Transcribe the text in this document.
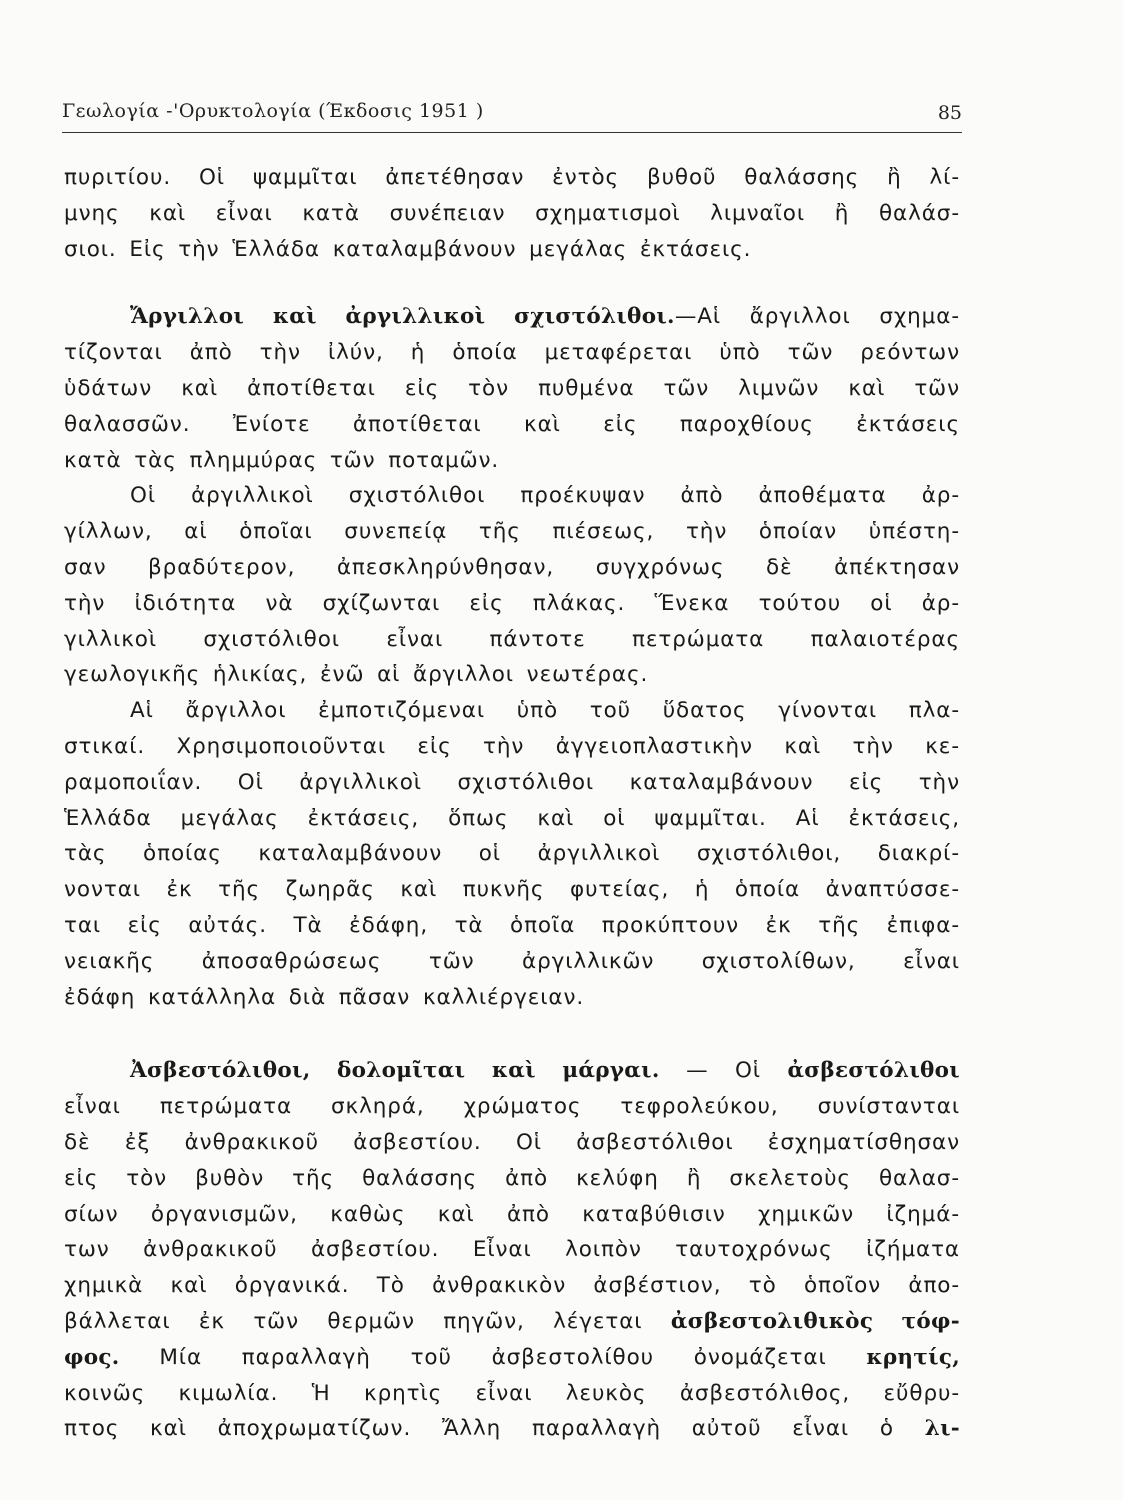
Γεωλογία -'Ορυκτολογία (Έκδοσις 1951 )	85
πυριτίου. Οἱ ψαμμῖται ἀπετέθησαν ἐντὸς βυθοῦ θαλάσσης ἢ λί-
μνης καὶ εἶναι κατὰ συνέπειαν σχηματισμοὶ λιμναῖοι ἢ θαλάσ-
σιοι. Εἰς τὴν Ἑλλάδα καταλαμβάνουν μεγάλας ἐκτάσεις.
Ἄργιλλοι καὶ ἀργιλλικοὶ σχιστόλιθοι.—Αἱ ἄργιλλοι σχημα-
τίζονται ἀπὸ τὴν ἰλύν, ἡ ὁποία μεταφέρεται ὑπὸ τῶν ρεόντων
ὑδάτων καὶ ἀποτίθεται εἰς τὸν πυθμένα τῶν λιμνῶν καὶ τῶν
θαλασσῶν. Ἐνίοτε ἀποτίθεται καὶ εἰς παροχθίους ἐκτάσεις
κατὰ τὰς πλημμύρας τῶν ποταμῶν.
Οἱ ἀργιλλικοὶ σχιστόλιθοι προέκυψαν ἀπὸ ἀποθέματα ἀρ-
γίλλων, αἱ ὁποῖαι συνεπείᾳ τῆς πιέσεως, τὴν ὁποίαν ὑπέστη-
σαν βραδύτερον, ἀπεσκληρύνθησαν, συγχρόνως δὲ ἀπέκτησαν
τὴν ἰδιότητα νὰ σχίζωνται εἰς πλάκας. Ἕνεκα τούτου οἱ ἀρ-
γιλλικοὶ σχιστόλιθοι εἶναι πάντοτε πετρώματα παλαιοτέρας
γεωλογικῆς ἡλικίας, ἐνῶ αἱ ἄργιλλοι νεωτέρας.
Αἱ ἄργιλλοι ἐμποτιζόμεναι ὑπὸ τοῦ ὕδατος γίνονται πλα-
στικαί. Χρησιμοποιοῦνται εἰς τὴν ἀγγειοπλαστικὴν καὶ τὴν κε-
ραμοποιΐαν. Οἱ ἀργιλλικοὶ σχιστόλιθοι καταλαμβάνουν εἰς τὴν
Ἑλλάδα μεγάλας ἐκτάσεις, ὅπως καὶ οἱ ψαμμῖται. Αἱ ἐκτάσεις,
τὰς ὁποίας καταλαμβάνουν οἱ ἀργιλλικοὶ σχιστόλιθοι, διακρί-
νονται ἐκ τῆς ζωηρᾶς καὶ πυκνῆς φυτείας, ἡ ὁποία ἀναπτύσσε-
ται εἰς αὐτάς. Τὰ ἐδάφη, τὰ ὁποῖα προκύπτουν ἐκ τῆς ἐπιφα-
νειακῆς ἀποσαθρώσεως τῶν ἀργιλλικῶν σχιστολίθων, εἶναι
ἐδάφη κατάλληλα διὰ πᾶσαν καλλιέργειαν.
Ἀσβεστόλιθοι, δολομῖται καὶ μάργαι. — Οἱ ἀσβεστόλιθοι
εἶναι πετρώματα σκληρά, χρώματος τεφρολεύκου, συνίστανται
δὲ ἐξ ἀνθρακικοῦ ἀσβεστίου. Οἱ ἀσβεστόλιθοι ἐσχηματίσθησαν
εἰς τὸν βυθὸν τῆς θαλάσσης ἀπὸ κελύφη ἢ σκελετοὺς θαλασ-
σίων ὀργανισμῶν, καθὼς καὶ ἀπὸ καταβύθισιν χημικῶν ἰζημά-
των ἀνθρακικοῦ ἀσβεστίου. Εἶναι λοιπὸν ταυτοχρόνως ἰζήματα
χημικὰ καὶ ὀργανικά. Τὸ ἀνθρακικὸν ἀσβέστιον, τὸ ὁποῖον ἀπο-
βάλλεται ἐκ τῶν θερμῶν πηγῶν, λέγεται ἀσβεστολιθικὸς τόφ-
φος. Μία παραλλαγὴ τοῦ ἀσβεστολίθου ὀνομάζεται κρητίς,
κοινῶς κιμωλία. Ἡ κρητὶς εἶναι λευκὸς ἀσβεστόλιθος, εὔθρυ-
πτος καὶ ἀποχρωματίζων. Ἄλλη παραλλαγὴ αὐτοῦ εἶναι ὁ λι-
